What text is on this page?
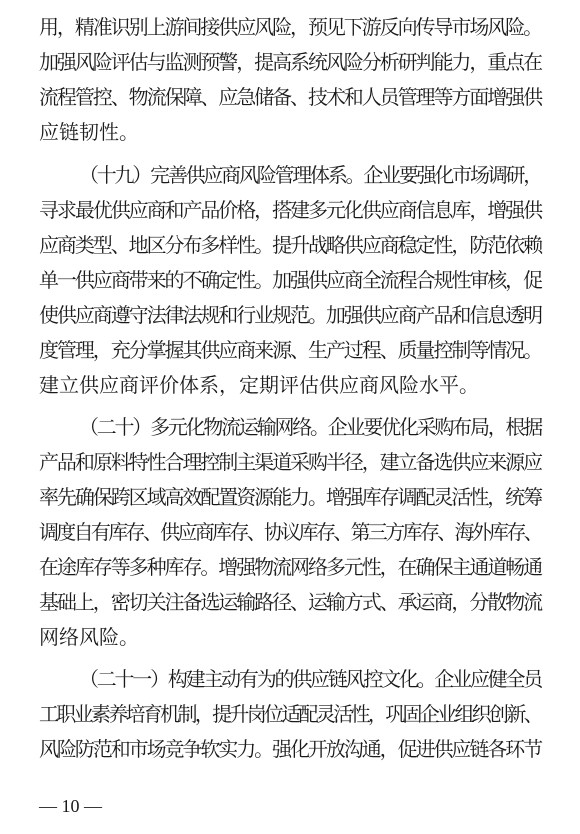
用，精准识别上游间接供应风险，预见下游反向传导市场风险。

加强风险评估与监测预警，提高系统风险分析研判能力，重点在

流程管控、物流保障、应急储备、技术和人员管理等方面增强供

应链韧性。

（十九）完善供应商风险管理体系。企业要强化市场调研，

寻求最优供应商和产品价格，搭建多元化供应商信息库，增强供

应商类型、地区分布多样性。提升战略供应商稳定性，防范依赖

单一供应商带来的不确定性。加强供应商全流程合规性审核，促

使供应商遵守法律法规和行业规范。加强供应商产品和信息透明

度管理，充分掌握其供应商来源、生产过程、质量控制等情况。

建立供应商评价体系，定期评估供应商风险水平。

（二十）多元化物流运输网络。企业要优化采购布局，根据

产品和原料特性合理控制主渠道采购半径，建立备选供应来源应

率先确保跨区域高效配置资源能力。增强库存调配灵活性，统筹

调度自有库存、供应商库存、协议库存、第三方库存、海外库存、

在途库存等多种库存。增强物流网络多元性，在确保主通道畅通

基础上，密切关注备选运输路径、运输方式、承运商，分散物流

网络风险。

（二十一）构建主动有为的供应链风控文化。企业应健全员

工职业素养培育机制，提升岗位适配灵活性，巩固企业组织创新、

风险防范和市场竞争软实力。强化开放沟通，促进供应链各环节

— 10 —
